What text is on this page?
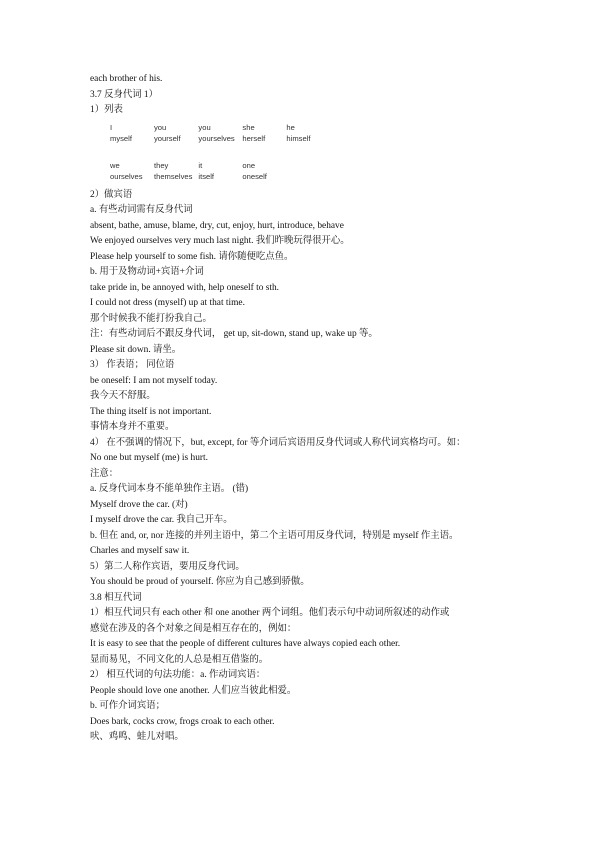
each brother of his.
3.7 反身代词 1）
1）列表
I	you	you	she	he
myself	yourself	yourselves	herself	himself

we	they	it	one	
ourselves	themselves	itself	oneself	
2）做宾语
a. 有些动词需有反身代词
absent, bathe, amuse, blame, dry, cut, enjoy, hurt, introduce, behave
We enjoyed ourselves very much last night. 我们昨晚玩得很开心。
Please help yourself to some fish. 请你随便吃点鱼。
b. 用于及物动词+宾语+介词
take pride in, be annoyed with, help oneself to sth.
I could not dress (myself) up at that time.
那个时候我不能打扮我自己。
注：有些动词后不跟反身代词， get up, sit-down, stand up, wake up 等。
Please sit down. 请坐。
3） 作表语； 同位语
be oneself: I am not myself today.
我今天不舒服。
The thing itself is not important.
事情本身并不重要。
4） 在不强调的情况下，but, except, for 等介词后宾语用反身代词或人称代词宾格均可。如：
No one but myself (me) is hurt.
注意：
a. 反身代词本身不能单独作主语。 (错)
Myself drove the car. (对)
I myself drove the car. 我自己开车。
b. 但在 and, or, nor 连接的并列主语中，第二个主语可用反身代词，特别是 myself 作主语。
Charles and myself saw it.
5）第二人称作宾语，要用反身代词。
You should be proud of yourself. 你应为自己感到骄傲。
3.8 相互代词
1）相互代词只有 each other 和 one another 两个词组。他们表示句中动词所叙述的动作或
感觉在涉及的各个对象之间是相互存在的，例如：
It is easy to see that the people of different cultures have always copied each other.
显而易见，不同文化的人总是相互借鉴的。
2） 相互代词的句法功能：a. 作动词宾语：
People should love one another. 人们应当彼此相爱。
b. 可作介词宾语；
Does bark, cocks crow, frogs croak to each other.
吠、鸡鸣、蛙儿对唱。
